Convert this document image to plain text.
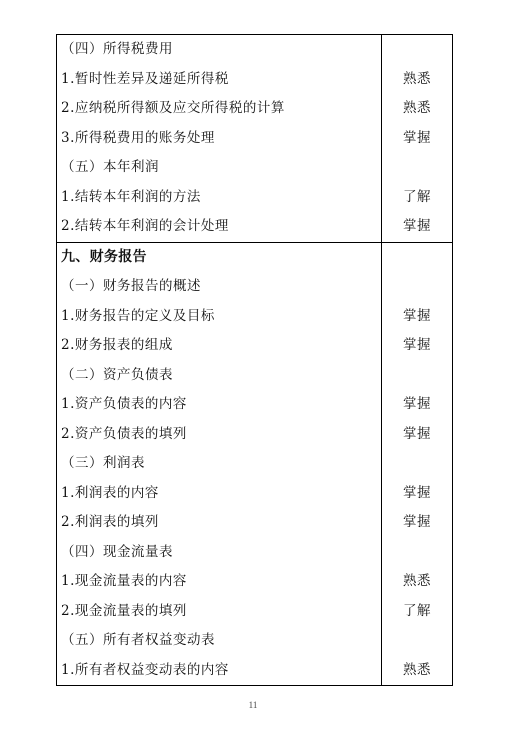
（四）所得税费用
1.暂时性差异及递延所得税	熟悉
2.应纳税所得额及应交所得税的计算	熟悉
3.所得税费用的账务处理	掌握
（五）本年利润
1.结转本年利润的方法	了解
2.结转本年利润的会计处理	掌握
九、财务报告
（一）财务报告的概述
1.财务报告的定义及目标	掌握
2.财务报表的组成	掌握
（二）资产负债表
1.资产负债表的内容	掌握
2.资产负债表的填列	掌握
（三）利润表
1.利润表的内容	掌握
2.利润表的填列	掌握
（四）现金流量表
1.现金流量表的内容	熟悉
2.现金流量表的填列	了解
（五）所有者权益变动表
1.所有者权益变动表的内容	熟悉
11
